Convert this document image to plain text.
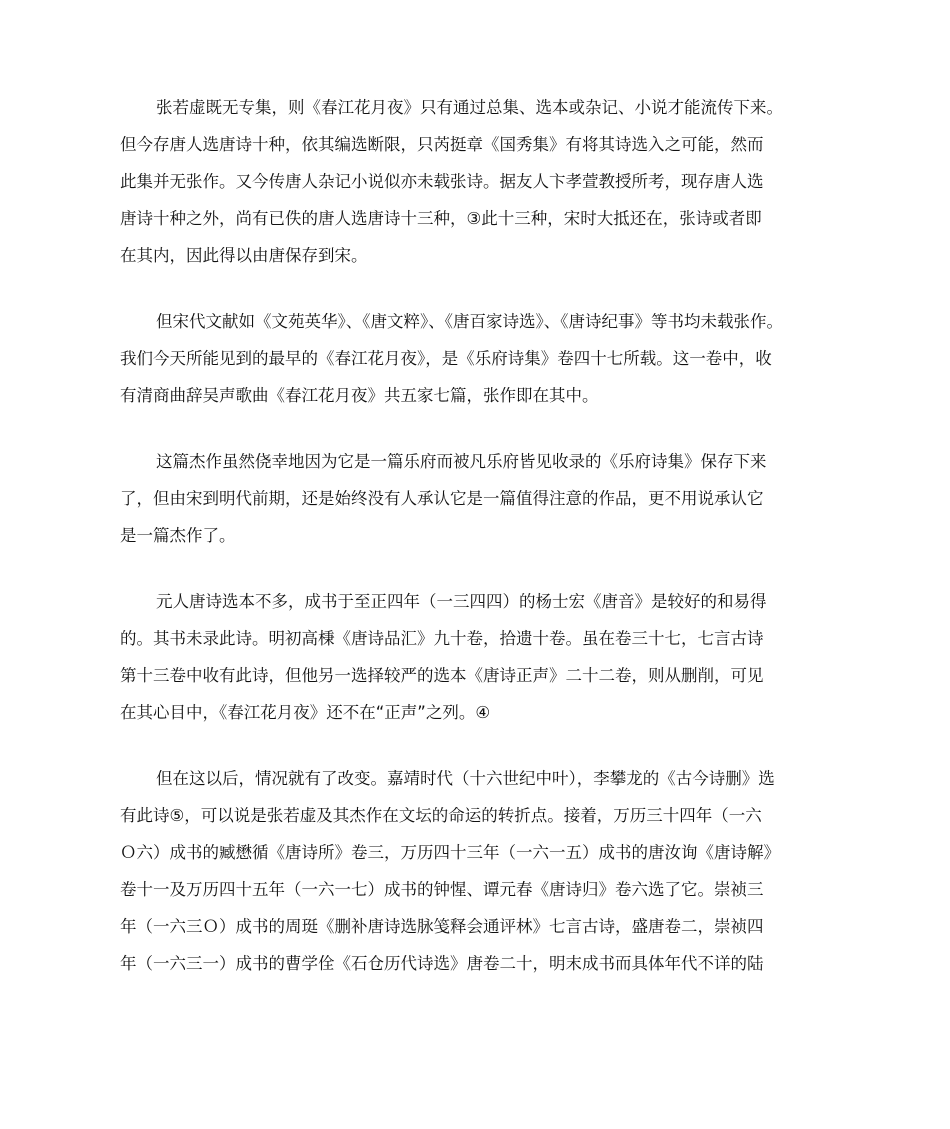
张若虚既无专集，则《春江花月夜》只有通过总集、选本或杂记、小说才能流传下来。
但今存唐人选唐诗十种，依其编选断限，只芮挺章《国秀集》有将其诗选入之可能，然而
此集并无张作。又今传唐人杂记小说似亦未载张诗。据友人卞孝萱教授所考，现存唐人选
唐诗十种之外，尚有已佚的唐人选唐诗十三种，③此十三种，宋时大抵还在，张诗或者即
在其内，因此得以由唐保存到宋。
但宋代文献如《文苑英华》、《唐文粹》、《唐百家诗选》、《唐诗纪事》等书均未载张作。
我们今天所能见到的最早的《春江花月夜》，是《乐府诗集》卷四十七所载。这一卷中，收
有清商曲辞吴声歌曲《春江花月夜》共五家七篇，张作即在其中。
这篇杰作虽然侥幸地因为它是一篇乐府而被凡乐府皆见收录的《乐府诗集》保存下来
了，但由宋到明代前期，还是始终没有人承认它是一篇值得注意的作品，更不用说承认它
是一篇杰作了。
元人唐诗选本不多，成书于至正四年（一三四四）的杨士宏《唐音》是较好的和易得
的。其书未录此诗。明初高棅《唐诗品汇》九十卷，拾遗十卷。虽在卷三十七，七言古诗
第十三卷中收有此诗，但他另一选择较严的选本《唐诗正声》二十二卷，则从删削，可见
在其心目中，《春江花月夜》还不在“正声”之列。④
但在这以后，情况就有了改变。嘉靖时代（十六世纪中叶），李攀龙的《古今诗删》选
有此诗⑤，可以说是张若虚及其杰作在文坛的命运的转折点。接着，万历三十四年（一六
Ｏ六）成书的臧懋循《唐诗所》卷三，万历四十三年（一六一五）成书的唐汝询《唐诗解》
卷十一及万历四十五年（一六一七）成书的钟惺、谭元春《唐诗归》卷六选了它。崇祯三
年（一六三Ｏ）成书的周珽《删补唐诗选脉笺释会通评林》七言古诗，盛唐卷二，崇祯四
年（一六三一）成书的曹学佺《石仓历代诗选》唐卷二十，明末成书而具体年代不详的陆
